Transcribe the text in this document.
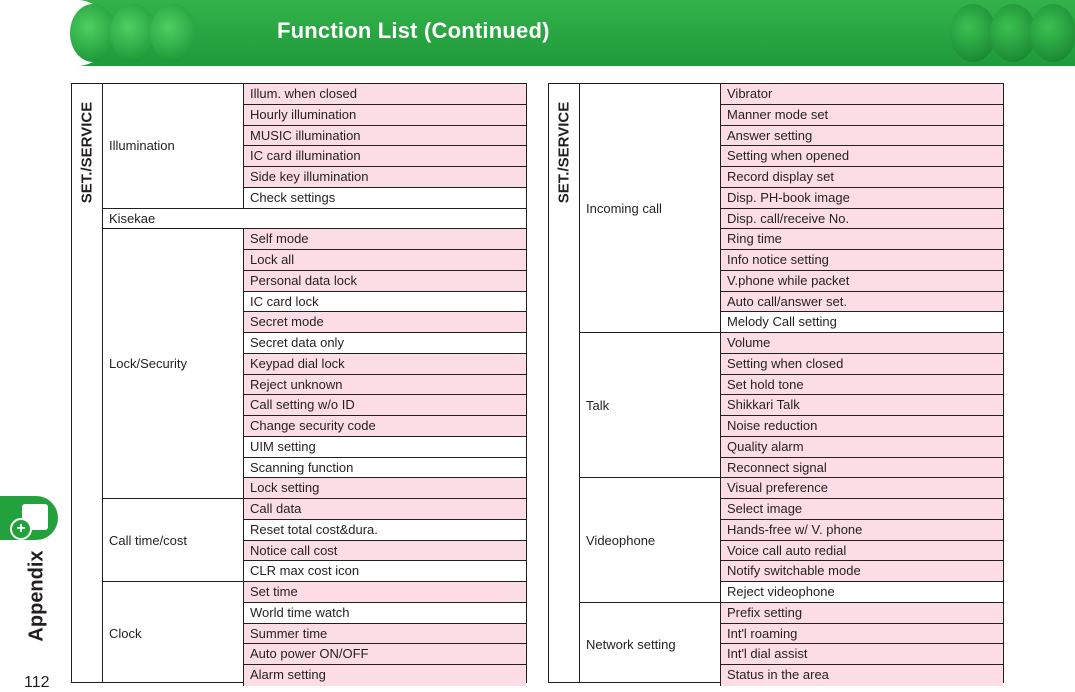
Function List (Continued)
+
Appendix
112
SET./SERVICE	Illumination
Illum. when closed
Hourly illumination
MUSIC illumination
IC card illumination
Side key illumination
Check settings
Kisekae
Lock/Security
Self mode
Lock all
Personal data lock
IC card lock
Secret mode
Secret data only
Keypad dial lock
Reject unknown
Call setting w/o ID
Change security code
UIM setting
Scanning function
Lock setting
Call time/cost
Call data
Reset total cost&dura.
Notice call cost
CLR max cost icon
Clock
Set time
World time watch
Summer time
Auto power ON/OFF
Alarm setting
SET./SERVICE
Incoming call
Vibrator
Manner mode set
Answer setting
Setting when opened
Record display set
Disp. PH-book image
Disp. call/receive No.
Ring time
Info notice setting
V.phone while packet
Auto call/answer set.
Melody Call setting
Talk
Volume
Setting when closed
Set hold tone
Shikkari Talk
Noise reduction
Quality alarm
Reconnect signal
Videophone
Visual preference
Select image
Hands-free w/ V. phone
Voice call auto redial
Notify switchable mode
Reject videophone
Network setting
Prefix setting
Int'l roaming
Int'l dial assist
Status in the area
